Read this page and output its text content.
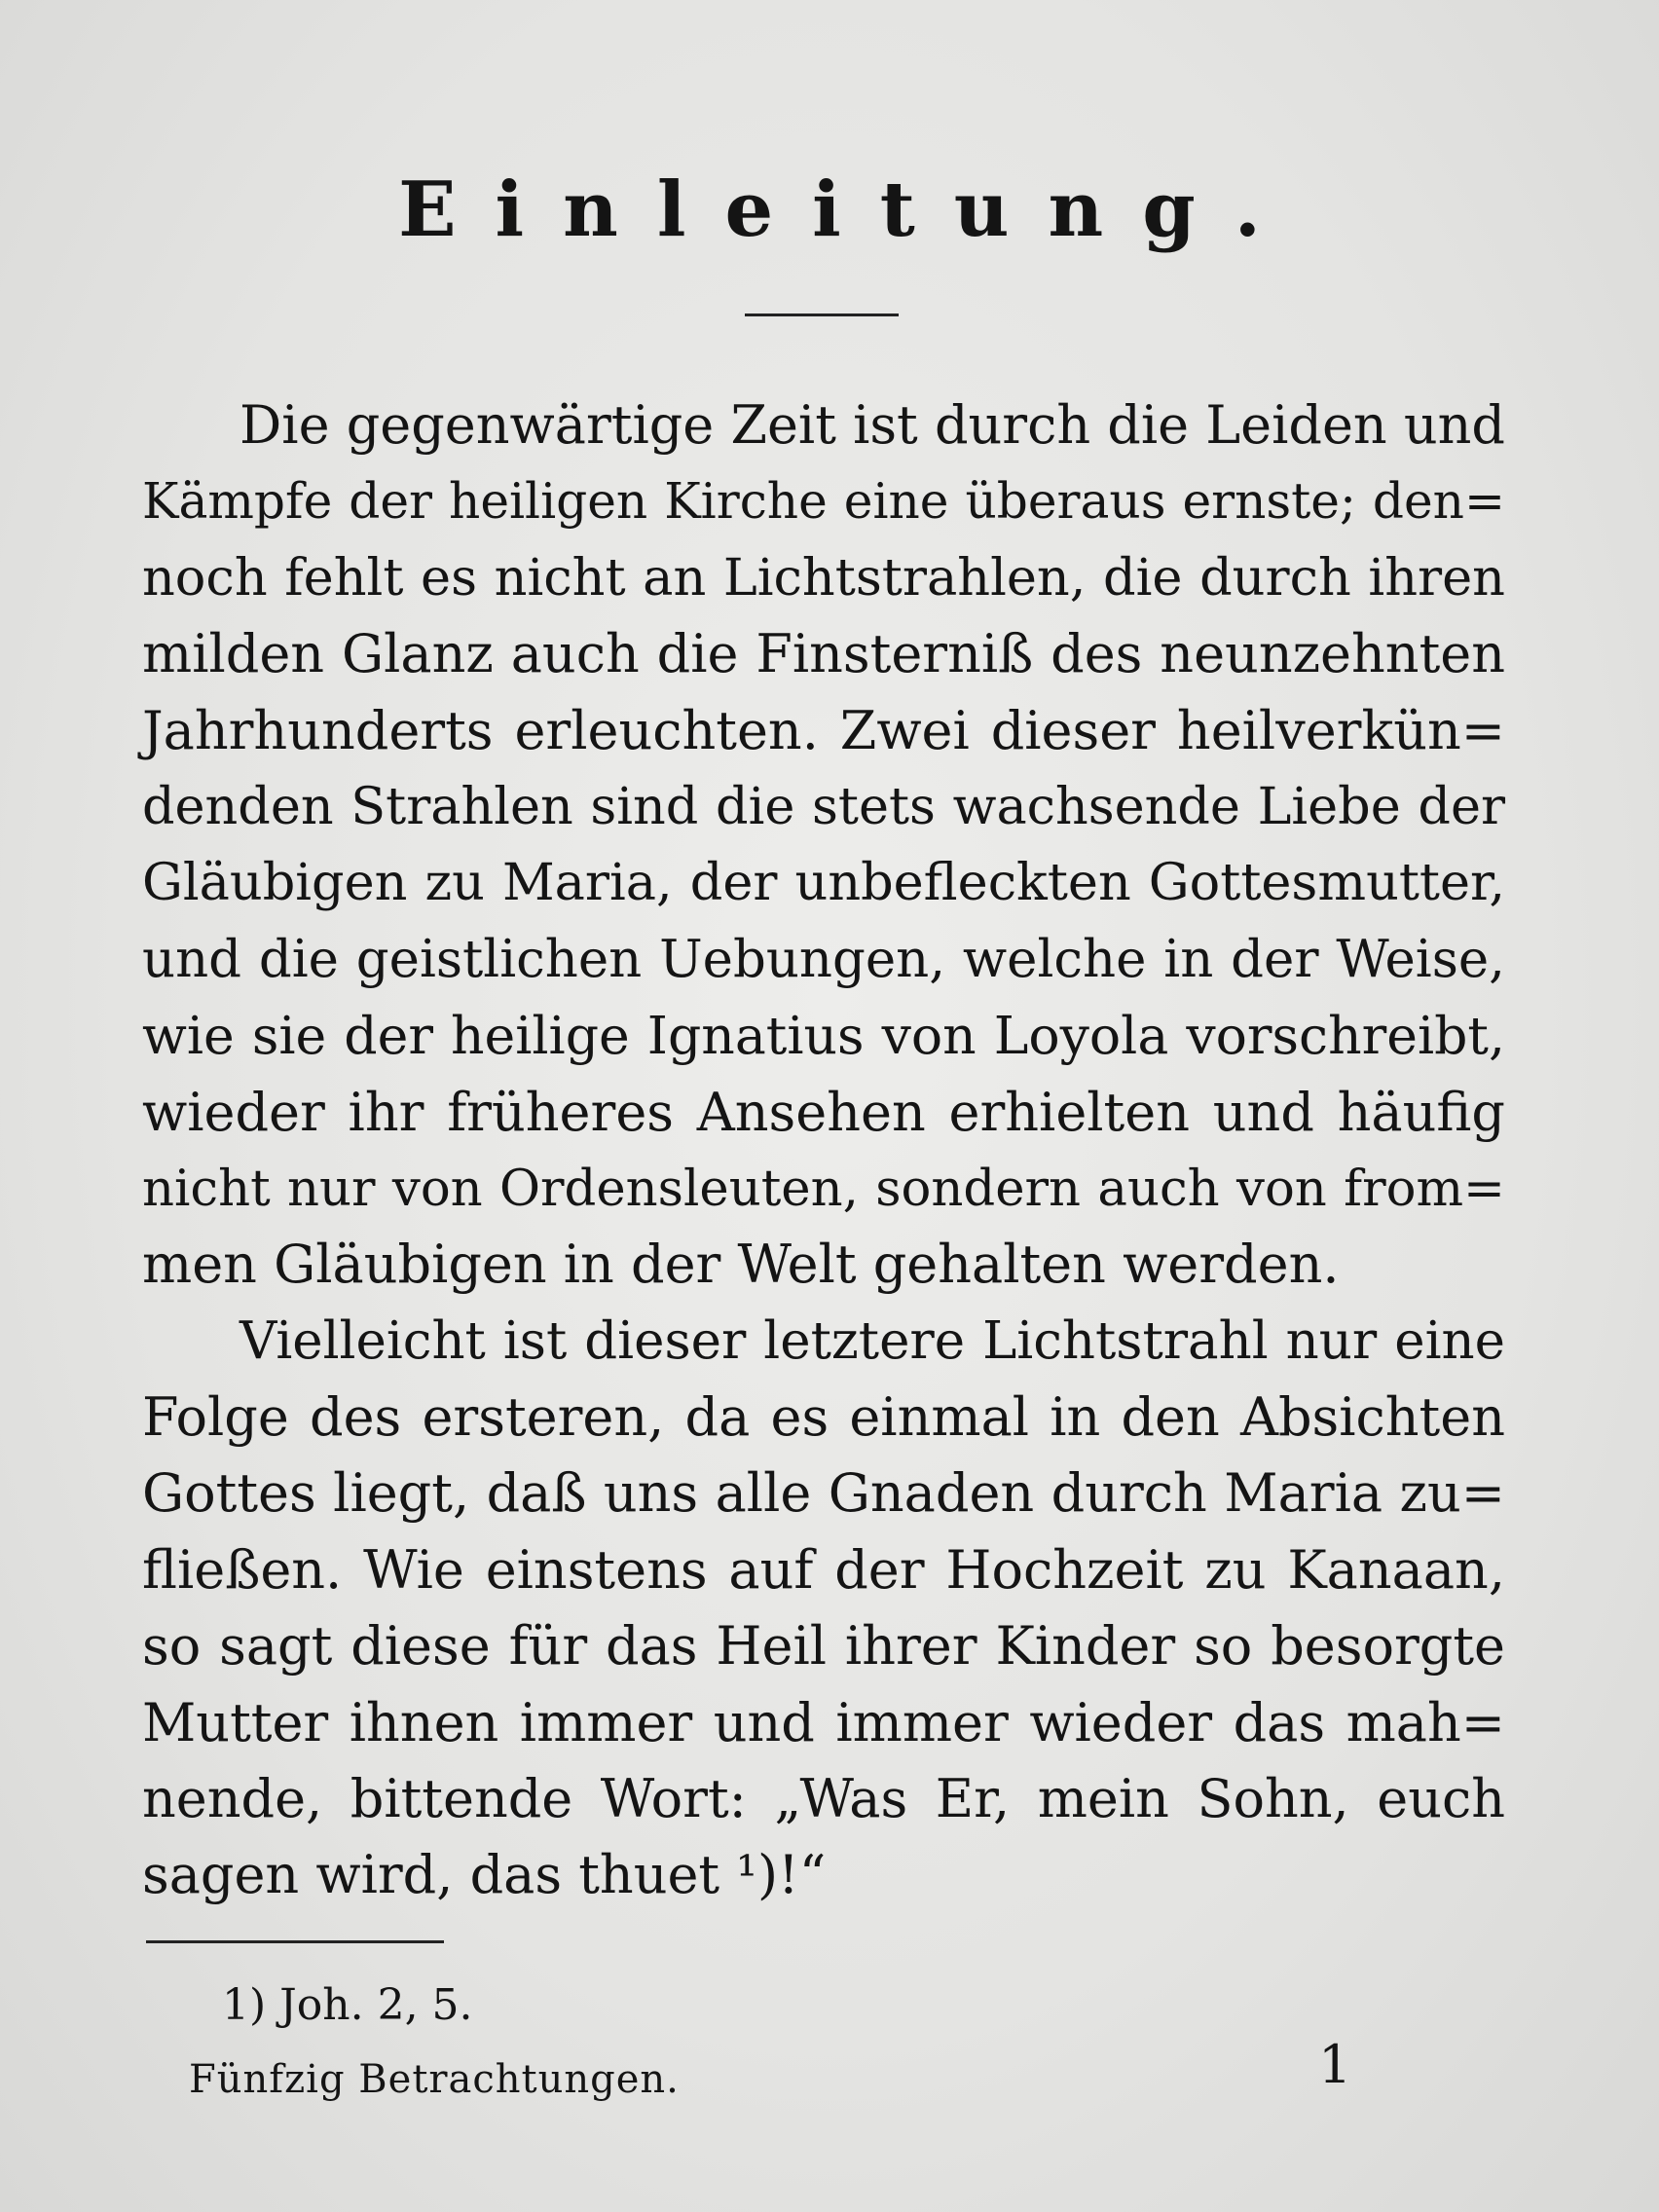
Einleitung.
Die gegenwärtige Zeit ist durch die Leiden und
Kämpfe der heiligen Kirche eine überaus ernste; den=
noch fehlt es nicht an Lichtstrahlen, die durch ihren
milden Glanz auch die Finsterniß des neunzehnten
Jahrhunderts erleuchten. Zwei dieser heilverkün=
denden Strahlen sind die stets wachsende Liebe der
Gläubigen zu Maria, der unbefleckten Gottesmutter,
und die geistlichen Uebungen, welche in der Weise,
wie sie der heilige Ignatius von Loyola vorschreibt,
wieder ihr früheres Ansehen erhielten und häufig
nicht nur von Ordensleuten, sondern auch von from=
men Gläubigen in der Welt gehalten werden.
Vielleicht ist dieser letztere Lichtstrahl nur eine
Folge des ersteren, da es einmal in den Absichten
Gottes liegt, daß uns alle Gnaden durch Maria zu=
fließen. Wie einstens auf der Hochzeit zu Kanaan,
so sagt diese für das Heil ihrer Kinder so besorgte
Mutter ihnen immer und immer wieder das mah=
nende, bittende Wort: „Was Er, mein Sohn, euch
sagen wird, das thuet ¹)!“
1) Joh. 2, 5.
Fünfzig Betrachtungen.	1
